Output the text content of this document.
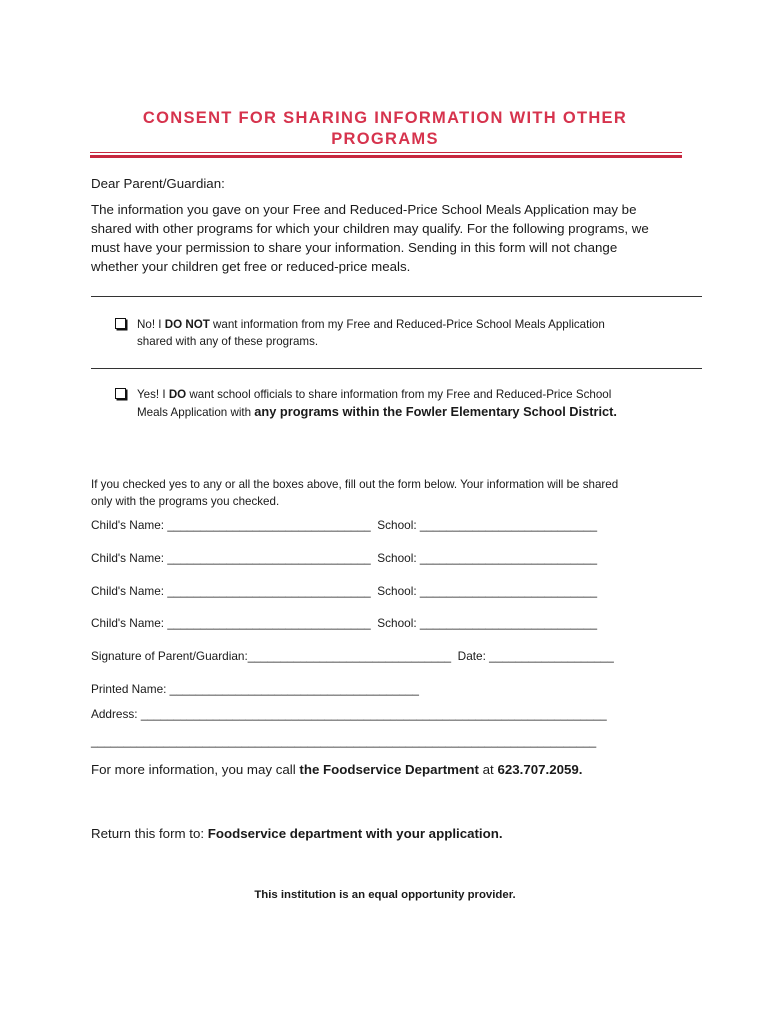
CONSENT FOR SHARING INFORMATION WITH OTHER
PROGRAMS
Dear Parent/Guardian:
The information you gave on your Free and Reduced-Price School Meals Application may be
shared with other programs for which your children may qualify. For the following programs, we
must have your permission to share your information. Sending in this form will not change
whether your children get free or reduced-price meals.
No! I DO NOT want information from my Free and Reduced-Price School Meals Application
shared with any of these programs.
Yes! I DO want school officials to share information from my Free and Reduced-Price School
Meals Application with any programs within the Fowler Elementary School District.
If you checked yes to any or all the boxes above, fill out the form below. Your information will be shared
only with the programs you checked.
Child's Name: _______________________________  School: ___________________________
Child's Name: _______________________________  School: ___________________________
Child's Name: _______________________________  School: ___________________________
Child's Name: _______________________________  School: ___________________________
Signature of Parent/Guardian:_______________________________  Date: ___________________
Printed Name: ______________________________________
Address: _______________________________________________________________________
_____________________________________________________________________________
For more information, you may call the Foodservice Department at 623.707.2059.
Return this form to: Foodservice department with your application.
This institution is an equal opportunity provider.
